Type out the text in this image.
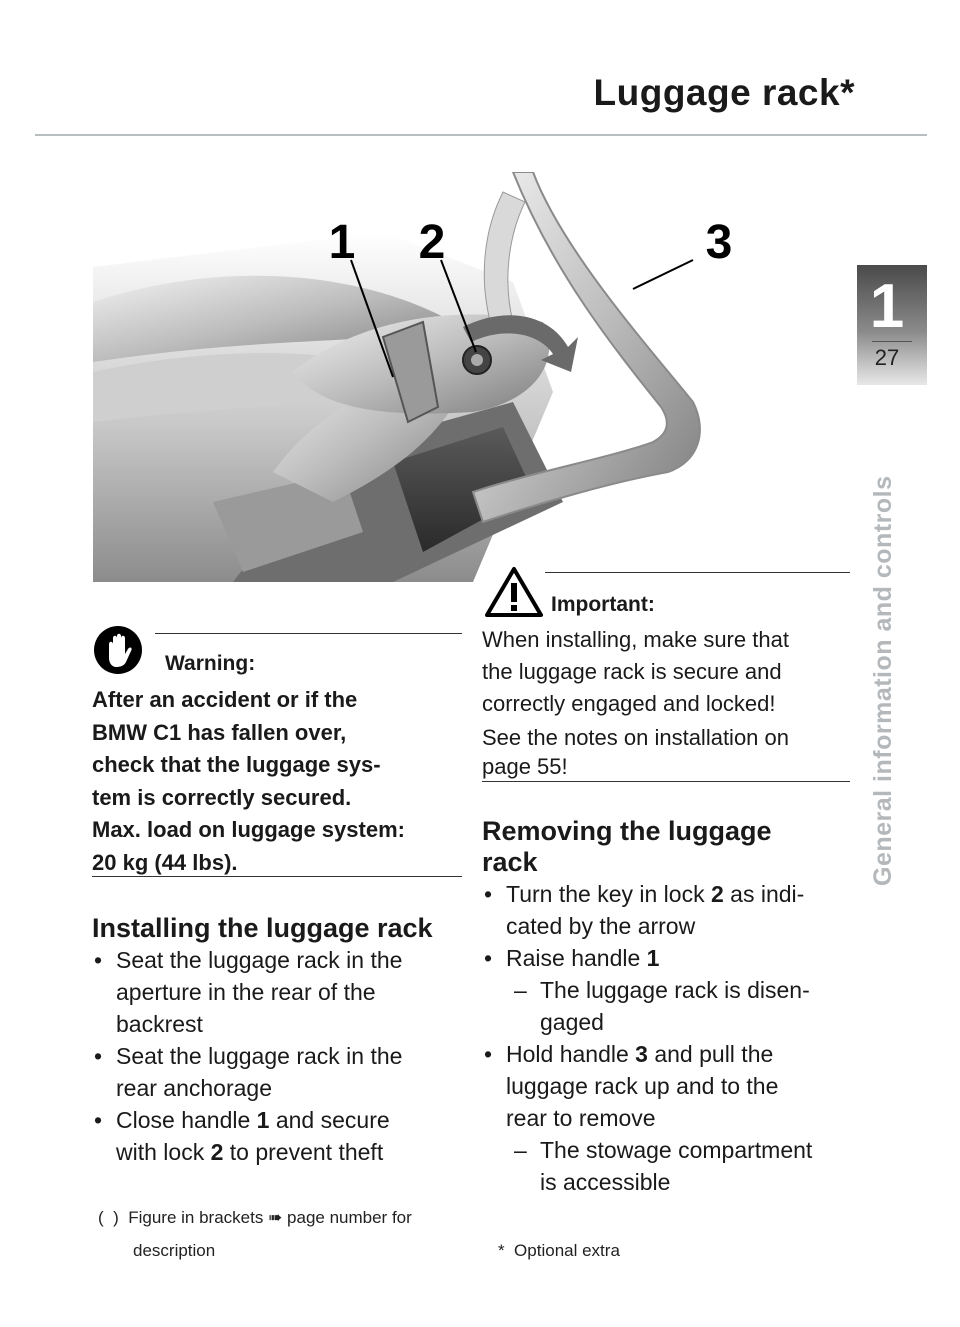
Luggage rack*
1
27
General information and controls
1 2	3
Warning:
After an accident or if the
BMW C1 has fallen over,
check that the luggage sys-
tem is correctly secured.
Max. load on luggage system:
20 kg (44 lbs).
Installing the luggage rack
• Seat the luggage rack in the
aperture in the rear of the
backrest
• Seat the luggage rack in the
rear anchorage
• Close handle 1 and secure
with lock 2 to prevent theft
Important:
When installing, make sure that
the luggage rack is secure and
correctly engaged and locked!
See the notes on installation on
page 55!
Removing the luggage
rack
• Turn the key in lock 2 as indi-
cated by the arrow
• Raise handle 1
– The luggage rack is disen-
gaged
• Hold handle 3 and pull the
luggage rack up and to the
rear to remove
– The stowage compartment
is accessible
(  )  Figure in brackets ➠ page number for
description	*  Optional extra
